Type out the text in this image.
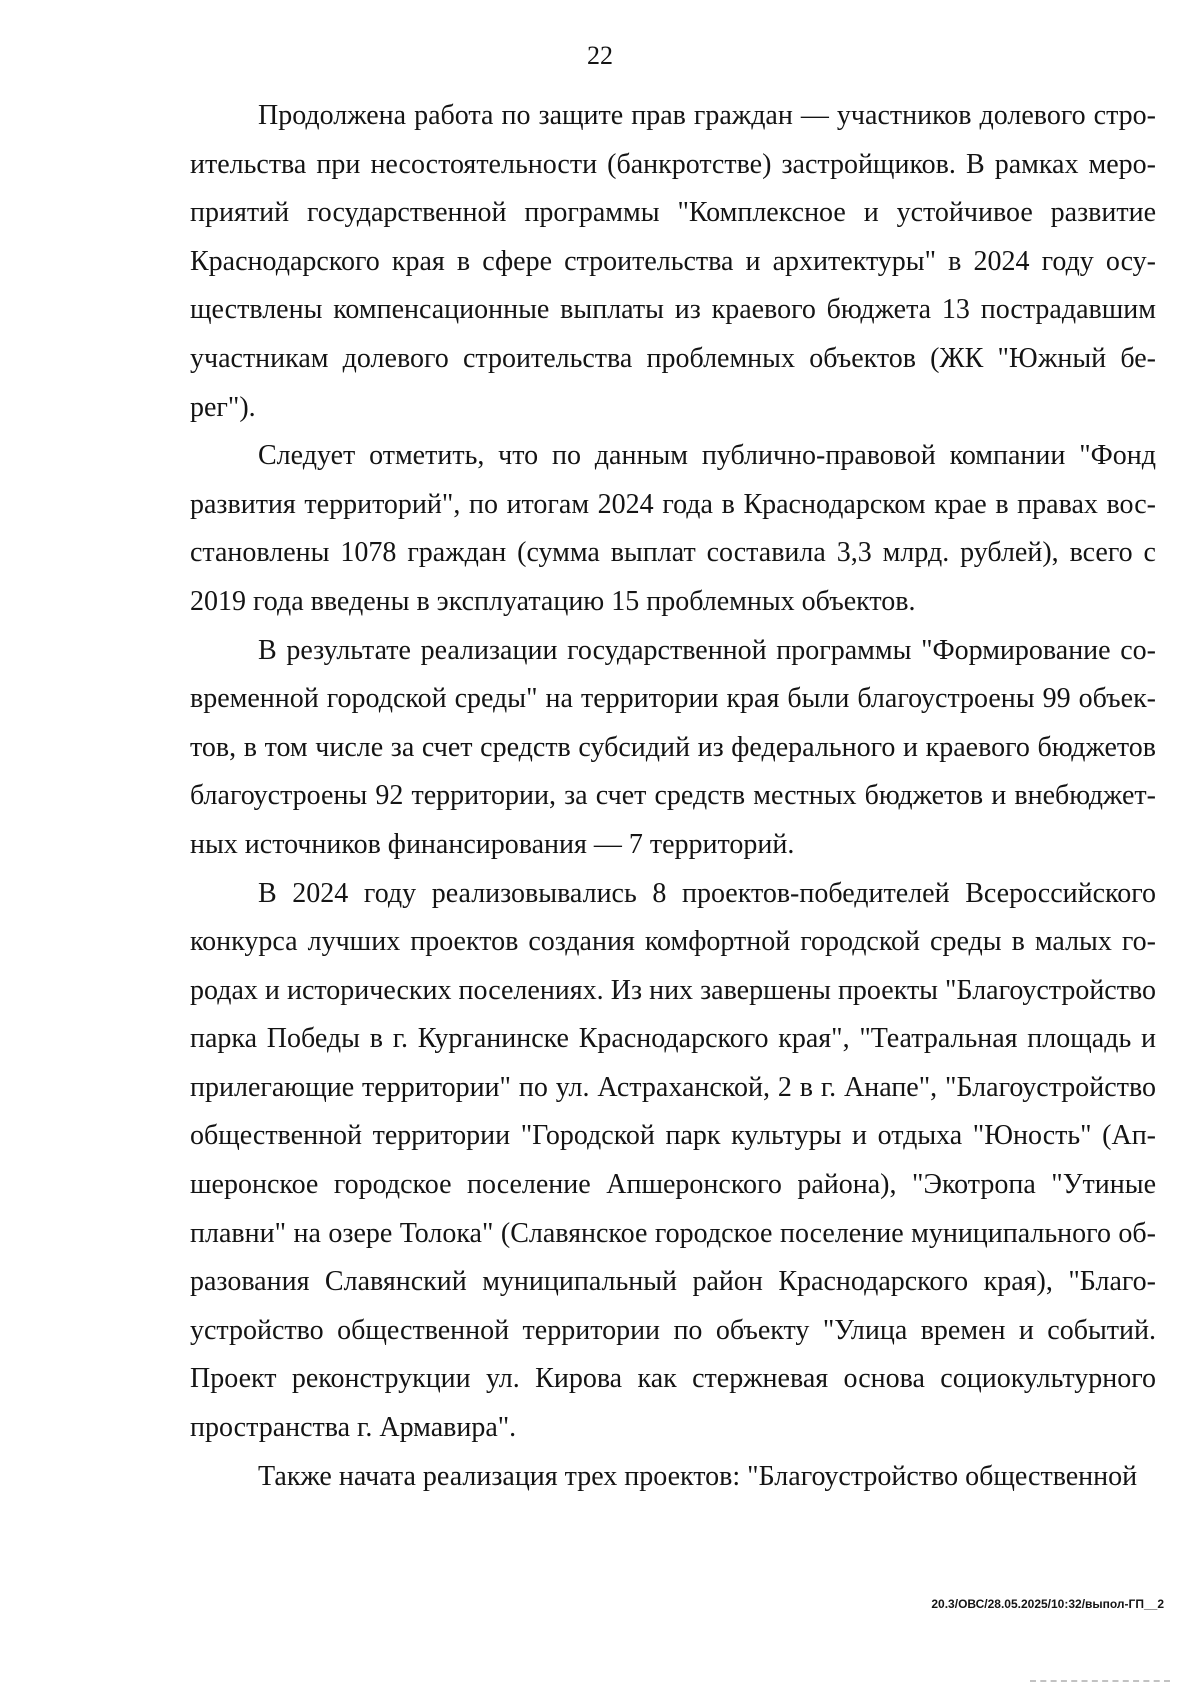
22

Продолжена работа по защите прав граждан — участников долевого строительства при несостоятельности (банкротстве) застройщиков. В рамках мероприятий государственной программы "Комплексное и устойчивое развитие Краснодарского края в сфере строительства и архитектуры" в 2024 году осуществлены компенсационные выплаты из краевого бюджета 13 пострадавшим участникам долевого строительства проблемных объектов (ЖК "Южный берег").

Следует отметить, что по данным публично-правовой компании "Фонд развития территорий", по итогам 2024 года в Краснодарском крае в правах восстановлены 1078 граждан (сумма выплат составила 3,3 млрд. рублей), всего с 2019 года введены в эксплуатацию 15 проблемных объектов.

В результате реализации государственной программы "Формирование современной городской среды" на территории края были благоустроены 99 объектов, в том числе за счет средств субсидий из федерального и краевого бюджетов благоустроены 92 территории, за счет средств местных бюджетов и внебюджетных источников финансирования — 7 территорий.

В 2024 году реализовывались 8 проектов-победителей Всероссийского конкурса лучших проектов создания комфортной городской среды в малых городах и исторических поселениях. Из них завершены проекты "Благоустройство парка Победы в г. Курганинске Краснодарского края", "Театральная площадь и прилегающие территории" по ул. Астраханской, 2 в г. Анапе", "Благоустройство общественной территории "Городской парк культуры и отдыха "Юность" (Апшеронское городское поселение Апшеронского района), "Экотропа "Утиные плавни" на озере Толока" (Славянское городское поселение муниципального образования Славянский муниципальный район Краснодарского края), "Благоустройство общественной территории по объекту "Улица времен и событий. Проект реконструкции ул. Кирова как стержневая основа социокультурного пространства г. Армавира".

Также начата реализация трех проектов: "Благоустройство общественной

20.3/ОВС/28.05.2025/10:32/выпол-ГП__2
